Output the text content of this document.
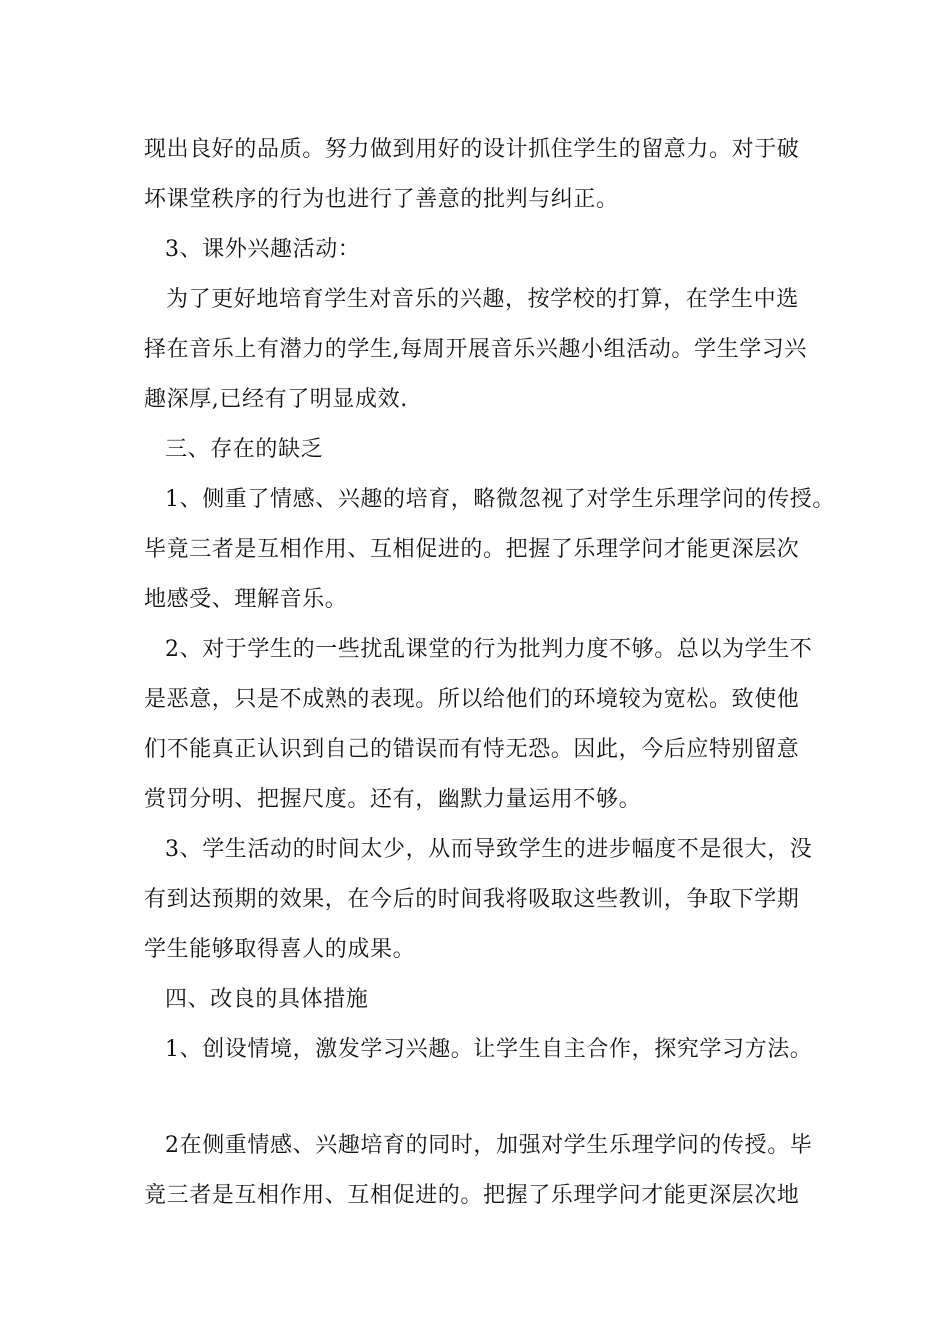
现出良好的品质。努力做到用好的设计抓住学生的留意力。对于破
坏课堂秩序的行为也进行了善意的批判与纠正。
3、课外兴趣活动：
为了更好地培育学生对音乐的兴趣，按学校的打算，在学生中选
择在音乐上有潜力的学生,每周开展音乐兴趣小组活动。学生学习兴
趣深厚,已经有了明显成效.
三、存在的缺乏
1、侧重了情感、兴趣的培育，略微忽视了对学生乐理学问的传授。
毕竟三者是互相作用、互相促进的。把握了乐理学问才能更深层次
地感受、理解音乐。
2、对于学生的一些扰乱课堂的行为批判力度不够。总以为学生不
是恶意，只是不成熟的表现。所以给他们的环境较为宽松。致使他
们不能真正认识到自己的错误而有恃无恐。因此，今后应特别留意
赏罚分明、把握尺度。还有，幽默力量运用不够。
3、学生活动的时间太少，从而导致学生的进步幅度不是很大，没
有到达预期的效果，在今后的时间我将吸取这些教训，争取下学期
学生能够取得喜人的成果。
四、改良的具体措施
1、创设情境，激发学习兴趣。让学生自主合作，探究学习方法。
2在侧重情感、兴趣培育的同时，加强对学生乐理学问的传授。毕
竟三者是互相作用、互相促进的。把握了乐理学问才能更深层次地
